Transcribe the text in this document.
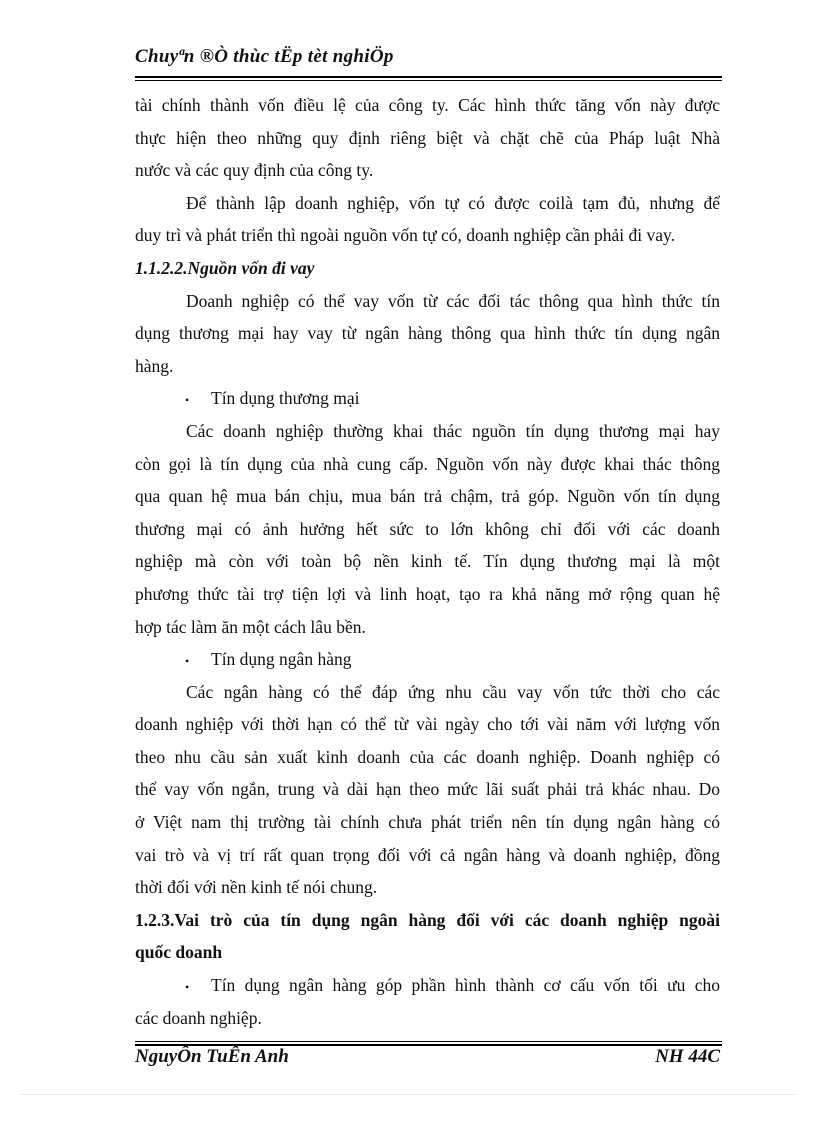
Chuyªn ®Ò thùc tËp tèt nghiÖp
tài chính thành vốn điều lệ của công ty. Các hình thức tăng vốn này được
thực hiện theo những quy định riêng biệt và chặt chẽ của Pháp luật Nhà
nước và các quy định của công ty.
Để thành lập doanh nghiệp, vốn tự có được coilà tạm đủ, nhưng để
duy trì và phát triển thì ngoài nguồn vốn tự có, doanh nghiệp cần phải đi vay.
1.1.2.2.Nguồn vốn đi vay
Doanh nghiệp có thể vay vốn từ các đối tác thông qua hình thức tín
dụng thương mại hay vay từ ngân hàng thông qua hình thức tín dụng ngân
hàng.
• Tín dụng thương mại
Các doanh nghiệp thường khai thác nguồn tín dụng thương mại hay
còn gọi là tín dụng của nhà cung cấp. Nguồn vốn này được khai thác thông
qua quan hệ mua bán chịu, mua bán trả chậm, trả góp. Nguồn vốn tín dụng
thương mại có ảnh hưởng hết sức to lớn không chỉ đối với các doanh
nghiệp mà còn với toàn bộ nền kinh tế. Tín dụng thương mại là một
phương thức tài trợ tiện lợi và linh hoạt, tạo ra khả năng mở rộng quan hệ
hợp tác làm ăn một cách lâu bền.
• Tín dụng ngân hàng
Các ngân hàng có thể đáp ứng nhu cầu vay vốn tức thời cho các
doanh nghiệp với thời hạn có thể từ vài ngày cho tới vài năm với lượng vốn
theo nhu cầu sản xuất kinh doanh của các doanh nghiệp. Doanh nghiệp có
thể vay vốn ngắn, trung và dài hạn theo mức lãi suất phải trả khác nhau. Do
ở Việt nam thị trường tài chính chưa phát triển nên tín dụng ngân hàng có
vai trò và vị trí rất quan trọng đối với cả ngân hàng và doanh nghiệp, đồng
thời đối với nền kinh tế nói chung.
1.2.3.Vai trò của tín dụng ngân hàng đối với các doanh nghiệp ngoài
quốc doanh
• Tín dụng ngân hàng góp phần hình thành cơ cấu vốn tối ưu cho
các doanh nghiệp.
NguyÔn TuÊn Anh	NH 44C
